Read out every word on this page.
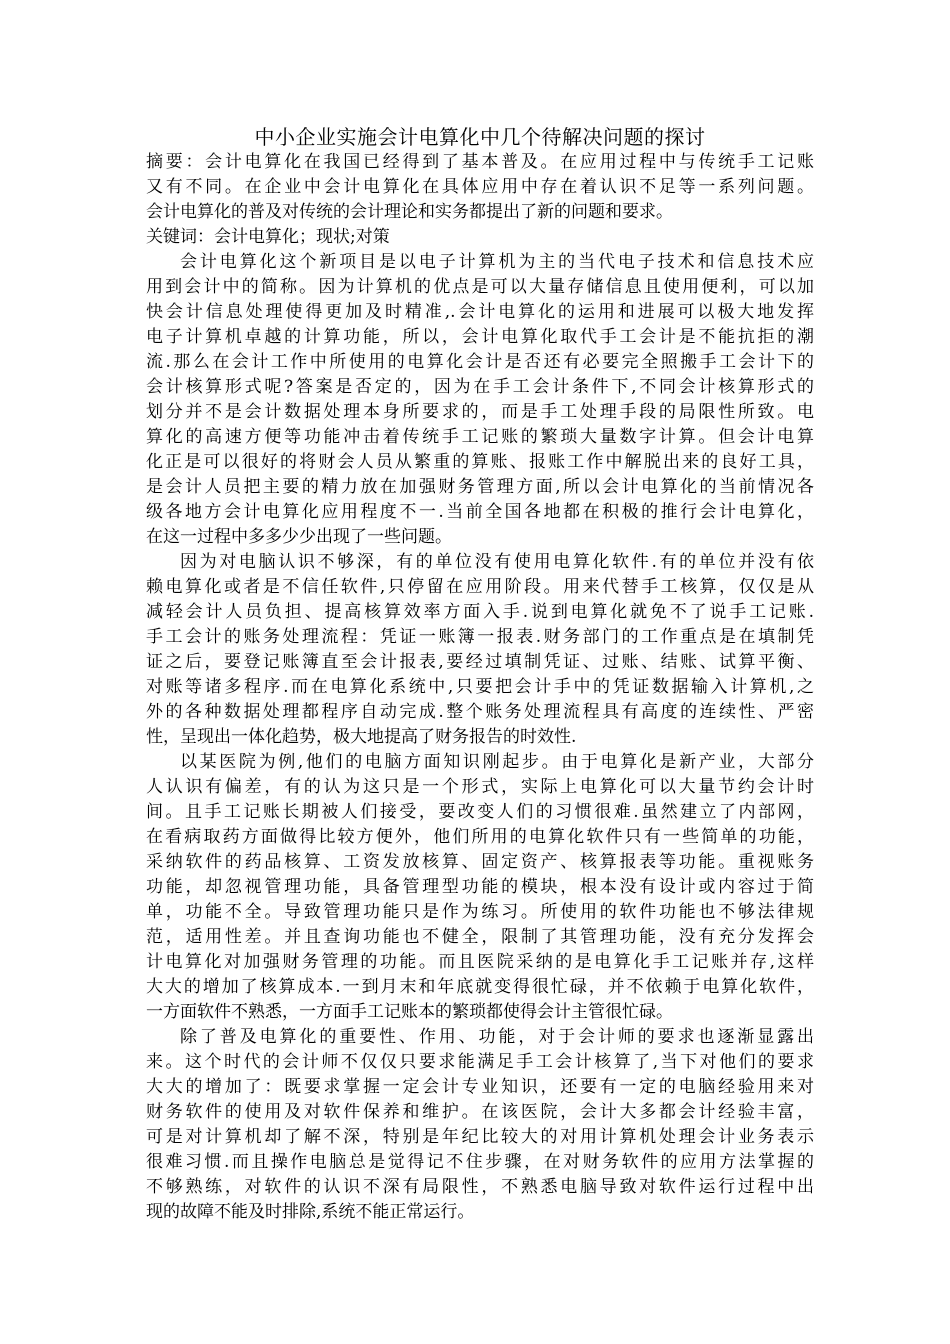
中小企业实施会计电算化中几个待解决问题的探讨

摘要：会计电算化在我国已经得到了基本普及。在应用过程中与传统手工记账

又有不同。在企业中会计电算化在具体应用中存在着认识不足等一系列问题。

会计电算化的普及对传统的会计理论和实务都提出了新的问题和要求。

关键词：会计电算化；现状;对策

会计电算化这个新项目是以电子计算机为主的当代电子技术和信息技术应

用到会计中的简称。因为计算机的优点是可以大量存储信息且使用便利，可以加

快会计信息处理使得更加及时精准,.会计电算化的运用和进展可以极大地发挥

电子计算机卓越的计算功能，所以，会计电算化取代手工会计是不能抗拒的潮

流.那么在会计工作中所使用的电算化会计是否还有必要完全照搬手工会计下的

会计核算形式呢?答案是否定的，因为在手工会计条件下,不同会计核算形式的

划分并不是会计数据处理本身所要求的，而是手工处理手段的局限性所致。电

算化的高速方便等功能冲击着传统手工记账的繁琐大量数字计算。但会计电算

化正是可以很好的将财会人员从繁重的算账、报账工作中解脱出来的良好工具，

是会计人员把主要的精力放在加强财务管理方面,所以会计电算化的当前情况各

级各地方会计电算化应用程度不一.当前全国各地都在积极的推行会计电算化，

在这一过程中多多少少出现了一些问题。

因为对电脑认识不够深，有的单位没有使用电算化软件.有的单位并没有依

赖电算化或者是不信任软件,只停留在应用阶段。用来代替手工核算，仅仅是从

减轻会计人员负担、提高核算效率方面入手.说到电算化就免不了说手工记账.

手工会计的账务处理流程：凭证一账簿一报表.财务部门的工作重点是在填制凭

证之后，要登记账簿直至会计报表,要经过填制凭证、过账、结账、试算平衡、

对账等诸多程序.而在电算化系统中,只要把会计手中的凭证数据输入计算机,之

外的各种数据处理都程序自动完成.整个账务处理流程具有高度的连续性、严密

性，呈现出一体化趋势，极大地提高了财务报告的时效性.

以某医院为例,他们的电脑方面知识刚起步。由于电算化是新产业，大部分

人认识有偏差，有的认为这只是一个形式，实际上电算化可以大量节约会计时

间。且手工记账长期被人们接受，要改变人们的习惯很难.虽然建立了内部网，

在看病取药方面做得比较方便外，他们所用的电算化软件只有一些简单的功能，

采纳软件的药品核算、工资发放核算、固定资产、核算报表等功能。重视账务

功能，却忽视管理功能，具备管理型功能的模块，根本没有设计或内容过于简

单，功能不全。导致管理功能只是作为练习。所使用的软件功能也不够法律规

范，适用性差。并且查询功能也不健全，限制了其管理功能，没有充分发挥会

计电算化对加强财务管理的功能。而且医院采纳的是电算化手工记账并存,这样

大大的增加了核算成本.一到月末和年底就变得很忙碌，并不依赖于电算化软件，

一方面软件不熟悉，一方面手工记账本的繁琐都使得会计主管很忙碌。

除了普及电算化的重要性、作用、功能，对于会计师的要求也逐渐显露出

来。这个时代的会计师不仅仅只要求能满足手工会计核算了,当下对他们的要求

大大的增加了：既要求掌握一定会计专业知识，还要有一定的电脑经验用来对

财务软件的使用及对软件保养和维护。在该医院，会计大多都会计经验丰富，

可是对计算机却了解不深，特别是年纪比较大的对用计算机处理会计业务表示

很难习惯.而且操作电脑总是觉得记不住步骤，在对财务软件的应用方法掌握的

不够熟练，对软件的认识不深有局限性，不熟悉电脑导致对软件运行过程中出

现的故障不能及时排除,系统不能正常运行。
